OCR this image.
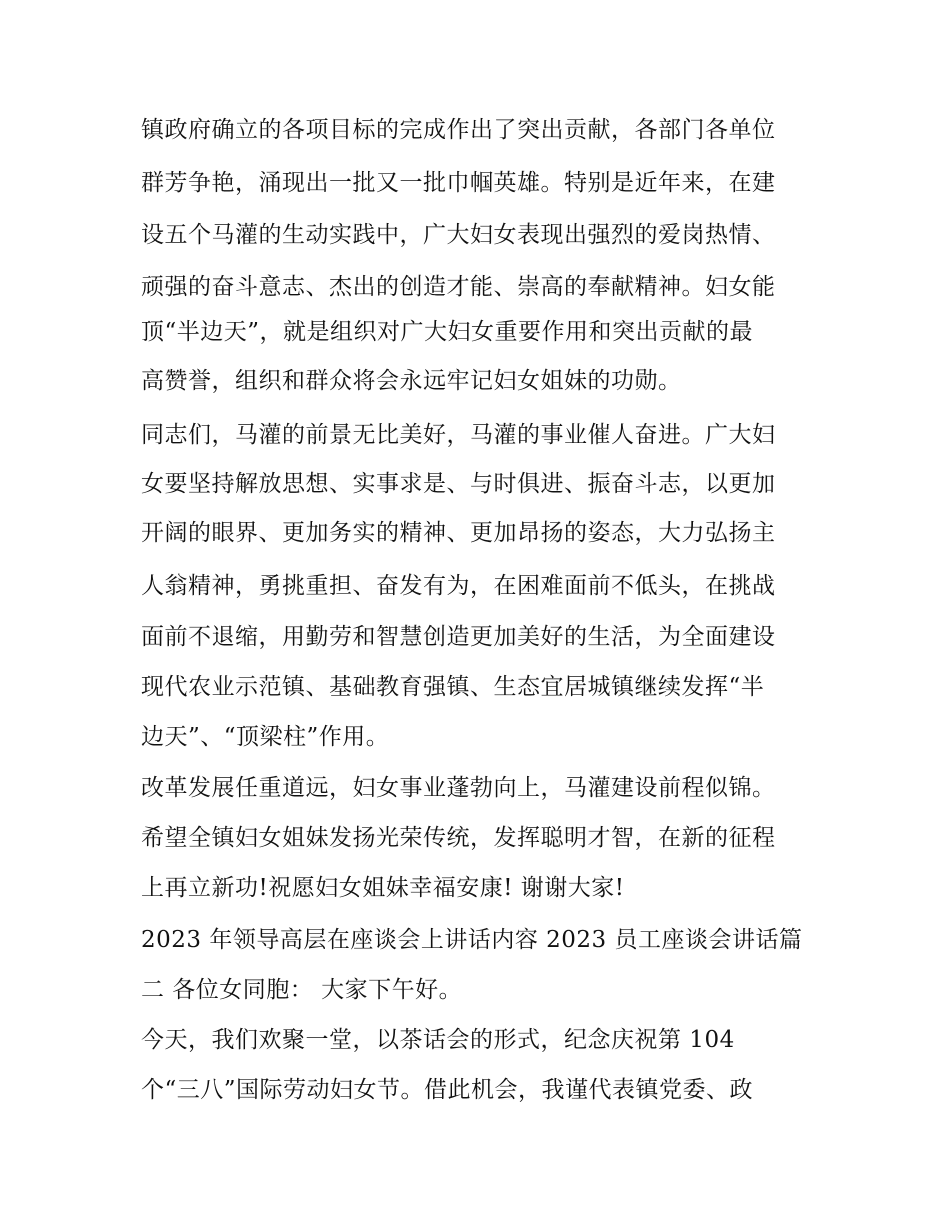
镇政府确立的各项目标的完成作出了突出贡献，各部门各单位
群芳争艳，涌现出一批又一批巾帼英雄。特别是近年来，在建
设五个马灌的生动实践中，广大妇女表现出强烈的爱岗热情、
顽强的奋斗意志、杰出的创造才能、崇高的奉献精神。妇女能
顶“半边天”，就是组织对广大妇女重要作用和突出贡献的最
高赞誉，组织和群众将会永远牢记妇女姐妹的功勋。
同志们，马灌的前景无比美好，马灌的事业催人奋进。广大妇
女要坚持解放思想、实事求是、与时俱进、振奋斗志，以更加
开阔的眼界、更加务实的精神、更加昂扬的姿态，大力弘扬主
人翁精神，勇挑重担、奋发有为，在困难面前不低头，在挑战
面前不退缩，用勤劳和智慧创造更加美好的生活，为全面建设
现代农业示范镇、基础教育强镇、生态宜居城镇继续发挥“半
边天”、“顶梁柱”作用。
改革发展任重道远，妇女事业蓬勃向上，马灌建设前程似锦。
希望全镇妇女姐妹发扬光荣传统，发挥聪明才智，在新的征程
上再立新功!祝愿妇女姐妹幸福安康! 谢谢大家!
2023 年领导高层在座谈会上讲话内容 2023 员工座谈会讲话篇
二 各位女同胞： 大家下午好。
今天，我们欢聚一堂，以茶话会的形式，纪念庆祝第 104
个“三八”国际劳动妇女节。借此机会，我谨代表镇党委、政
